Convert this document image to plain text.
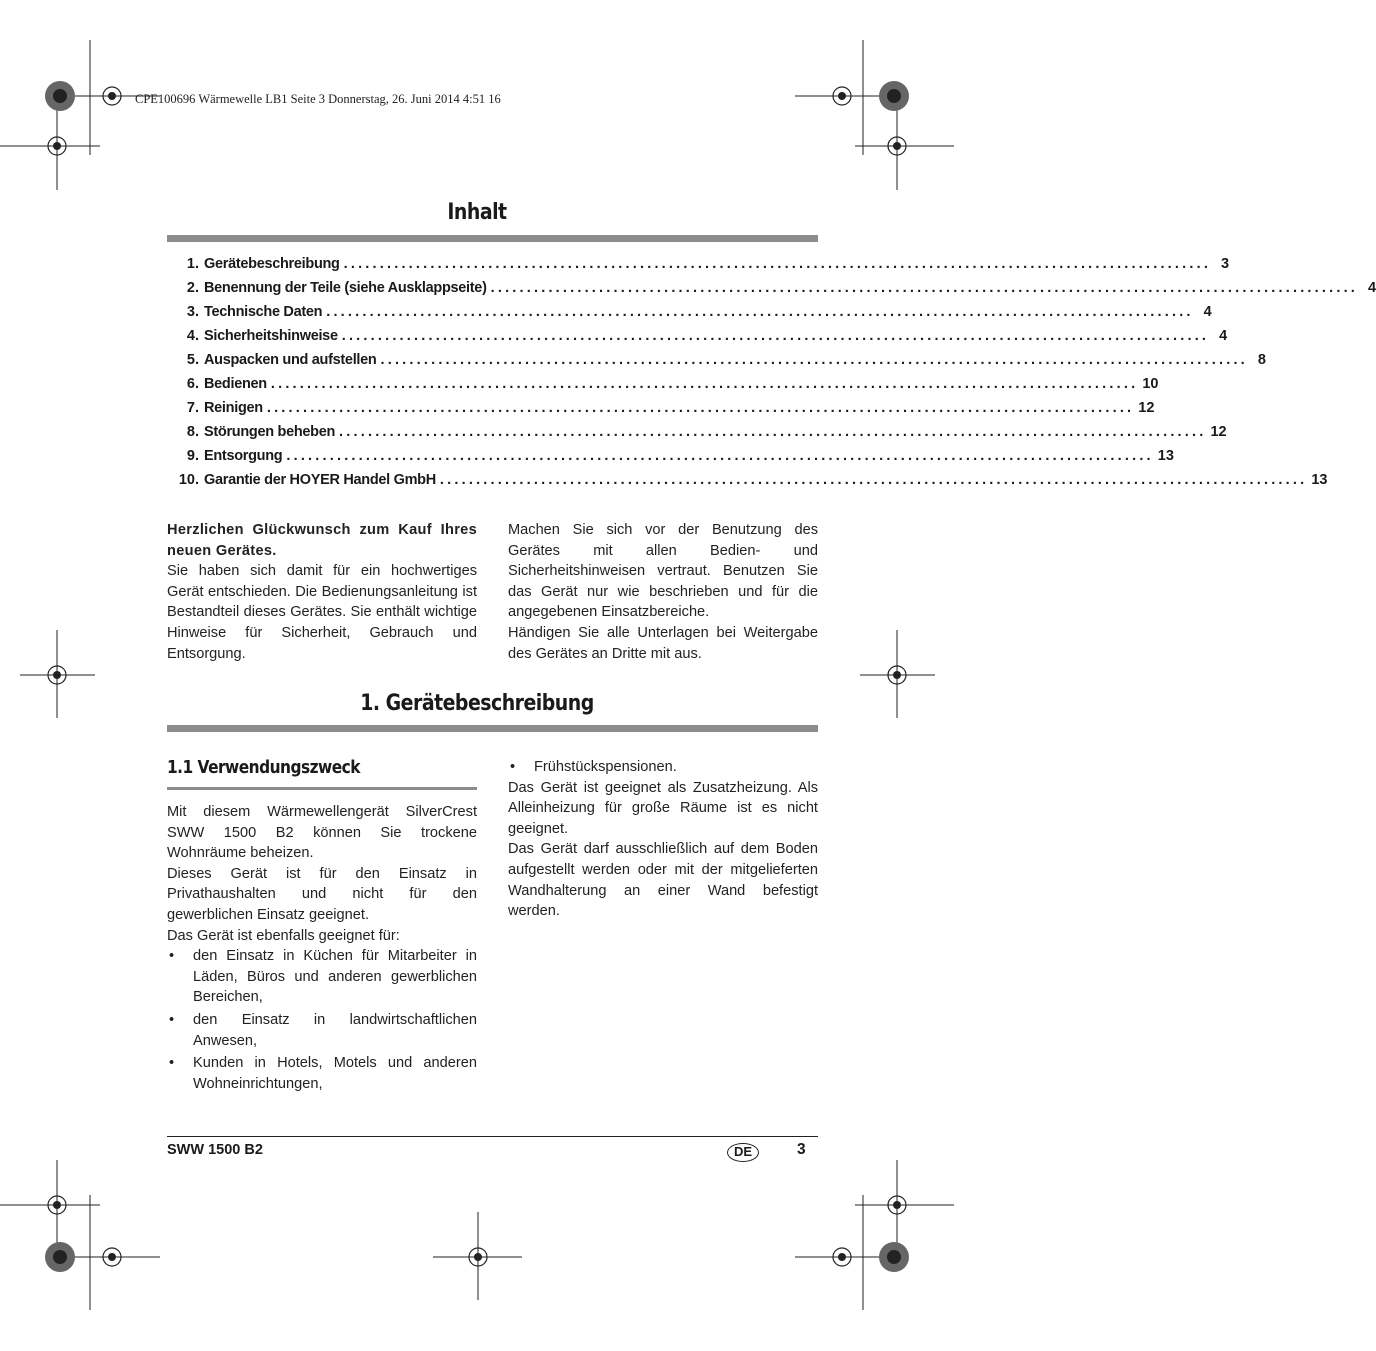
CPE100696 Wärmewelle LB1 Seite 3 Donnerstag, 26. Juni 2014 4:51 16
Inhalt
1. Gerätebeschreibung ........................................................................................................................ 3
2. Benennung der Teile (siehe Ausklappseite) ........................................................................................................................ 4
3. Technische Daten ........................................................................................................................ 4
4. Sicherheitshinweise ........................................................................................................................ 4
5. Auspacken und aufstellen ........................................................................................................................ 8
6. Bedienen ........................................................................................................................ 10
7. Reinigen ........................................................................................................................ 12
8. Störungen beheben ........................................................................................................................ 12
9. Entsorgung ........................................................................................................................ 13
10. Garantie der HOYER Handel GmbH ........................................................................................................................ 13

Herzlichen Glückwunsch zum Kauf Ihres neuen Gerätes.

Sie haben sich damit für ein hochwertiges Gerät entschieden. Die Bedienungsanleitung ist Bestandteil dieses Gerätes. Sie enthält wichtige Hinweise für Sicherheit, Gebrauch und Entsorgung.

Machen Sie sich vor der Benutzung des Gerätes mit allen Bedien- und Sicherheitshinweisen vertraut. Benutzen Sie das Gerät nur wie beschrieben und für die angegebenen Einsatzbereiche.

Händigen Sie alle Unterlagen bei Weitergabe des Gerätes an Dritte mit aus.

1. Gerätebeschreibung
1.1 Verwendungszweck

Mit diesem Wärmewellengerät SilverCrest SWW 1500 B2 können Sie trockene Wohnräume beheizen.

Dieses Gerät ist für den Einsatz in Privathaushalten und nicht für den gewerblichen Einsatz geeignet.

Das Gerät ist ebenfalls geeignet für:

• den Einsatz in Küchen für Mitarbeiter in Läden, Büros und anderen gewerblichen Bereichen,
• den Einsatz in landwirtschaftlichen Anwesen,
• Kunden in Hotels, Motels und anderen Wohneinrichtungen,
• Frühstückspensionen.

Das Gerät ist geeignet als Zusatzheizung. Als Alleinheizung für große Räume ist es nicht geeignet.

Das Gerät darf ausschließlich auf dem Boden aufgestellt werden oder mit der mitgelieferten Wandhalterung an einer Wand befestigt werden.

SWW 1500 B2	DE	3
